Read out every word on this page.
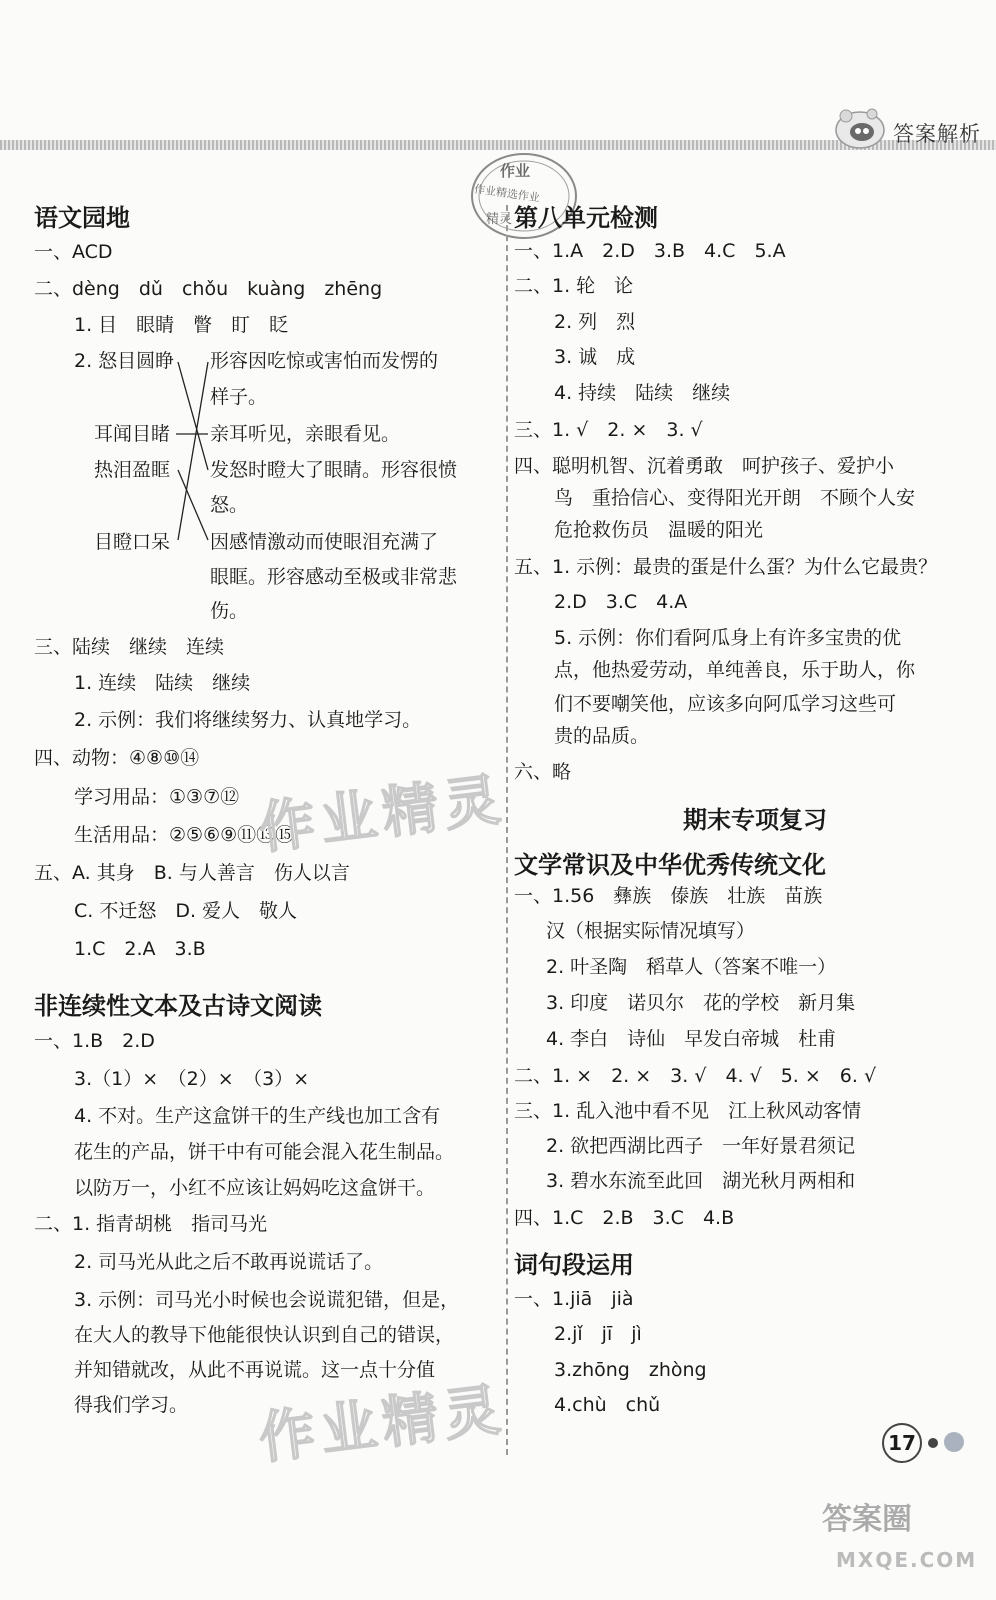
答案解析
作业
作业精选作业
精灵
语文园地
一、ACD
二、dèng　dǔ　chǒu　kuàng　zhēng
1. 目　眼睛　瞥　盯　眨
2. 怒目圆睁 形容因吃惊或害怕而发愣的
样子。
耳闻目睹 亲耳听见，亲眼看见。
热泪盈眶 发怒时瞪大了眼睛。形容很愤
怒。
目瞪口呆 因感情激动而使眼泪充满了
眼眶。形容感动至极或非常悲
伤。
三、陆续　继续　连续
1. 连续　陆续　继续
2. 示例：我们将继续努力、认真地学习。
四、动物：④⑧⑩⑭
学习用品：①③⑦⑫
生活用品：②⑤⑥⑨⑪⑬⑮
五、A. 其身　B. 与人善言　伤人以言
C. 不迁怒　D. 爱人　敬人
1.C　2.A　3.B
非连续性文本及古诗文阅读
一、1.B　2.D
3.（1）×　（2）×　（3）×
4. 不对。生产这盒饼干的生产线也加工含有
花生的产品，饼干中有可能会混入花生制品。
以防万一，小红不应该让妈妈吃这盒饼干。
二、1. 指青胡桃　指司马光
2. 司马光从此之后不敢再说谎话了。
3. 示例：司马光小时候也会说谎犯错，但是，
在大人的教导下他能很快认识到自己的错误，
并知错就改，从此不再说谎。这一点十分值
得我们学习。
作业精灵
作业精灵
第八单元检测
一、1.A　2.D　3.B　4.C　5.A
二、1. 轮　论
2. 列　烈
3. 诚　成
4. 持续　陆续　继续
三、1. √　2. ×　3. √
四、聪明机智、沉着勇敢　呵护孩子、爱护小
鸟　重拾信心、变得阳光开朗　不顾个人安
危抢救伤员　温暖的阳光
五、1. 示例：最贵的蛋是什么蛋？为什么它最贵？
2.D　3.C　4.A
5. 示例：你们看阿瓜身上有许多宝贵的优
点，他热爱劳动，单纯善良，乐于助人，你
们不要嘲笑他，应该多向阿瓜学习这些可
贵的品质。
六、略
期末专项复习
文学常识及中华优秀传统文化
一、1.56　彝族　傣族　壮族　苗族
汉（根据实际情况填写）
2. 叶圣陶　稻草人（答案不唯一）
3. 印度　诺贝尔　花的学校　新月集
4. 李白　诗仙　早发白帝城　杜甫
二、1. ×　2. ×　3. √　4. √　5. ×　6. √
三、1. 乱入池中看不见　江上秋风动客情
2. 欲把西湖比西子　一年好景君须记
3. 碧水东流至此回　湖光秋月两相和
四、1.C　2.B　3.C　4.B
词句段运用
一、1.jiā　jià
2.jǐ　jī　jì
3.zhōng　zhòng
4.chù　chǔ
17
答案圈
MXQE.COM
